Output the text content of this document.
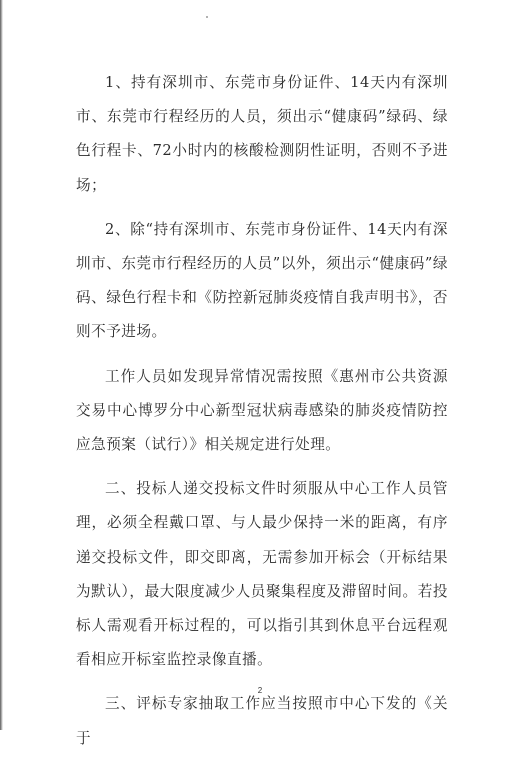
1、持有深圳市、东莞市身份证件、14天内有深圳市、东莞市行程经历的人员，须出示“健康码”绿码、绿色行程卡、72小时内的核酸检测阴性证明，否则不予进场；

2、除“持有深圳市、东莞市身份证件、14天内有深圳市、东莞市行程经历的人员”以外，须出示“健康码”绿码、绿色行程卡和《防控新冠肺炎疫情自我声明书》，否则不予进场。

工作人员如发现异常情况需按照《惠州市公共资源交易中心博罗分中心新型冠状病毒感染的肺炎疫情防控应急预案（试行）》相关规定进行处理。

二、投标人递交投标文件时须服从中心工作人员管理，必须全程戴口罩、与人最少保持一米的距离，有序递交投标文件，即交即离，无需参加开标会（开标结果为默认），最大限度减少人员聚集程度及滞留时间。若投标人需观看开标过程的，可以指引其到休息平台远程观看相应开标室监控录像直播。

三、评标专家抽取工作应当按照市中心下发的《关于

2
